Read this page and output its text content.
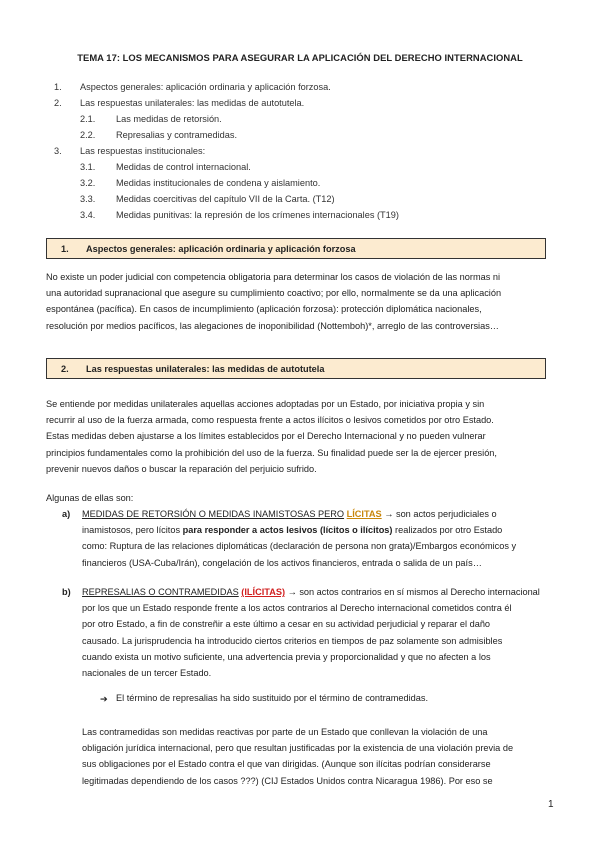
TEMA 17: LOS MECANISMOS PARA ASEGURAR LA APLICACIÓN DEL DERECHO INTERNACIONAL
1. Aspectos generales: aplicación ordinaria y aplicación forzosa.
2. Las respuestas unilaterales: las medidas de autotutela.
2.1. Las medidas de retorsión.
2.2. Represalias y contramedidas.
3. Las respuestas institucionales:
3.1. Medidas de control internacional.
3.2. Medidas institucionales de condena y aislamiento.
3.3. Medidas coercitivas del capítulo VII de la Carta. (T12)
3.4. Medidas punitivas: la represión de los crímenes internacionales (T19)
1. Aspectos generales: aplicación ordinaria y aplicación forzosa
No existe un poder judicial con competencia obligatoria para determinar los casos de violación de las normas ni
una autoridad supranacional que asegure su cumplimiento coactivo; por ello, normalmente se da una aplicación
espontánea (pacífica). En casos de incumplimiento (aplicación forzosa): protección diplomática nacionales,
resolución por medios pacíficos, las alegaciones de inoponibilidad (Nottemboh)*, arreglo de las controversias…
2. Las respuestas unilaterales: las medidas de autotutela
Se entiende por medidas unilaterales aquellas acciones adoptadas por un Estado, por iniciativa propia y sin
recurrir al uso de la fuerza armada, como respuesta frente a actos ilícitos o lesivos cometidos por otro Estado.
Estas medidas deben ajustarse a los límites establecidos por el Derecho Internacional y no pueden vulnerar
principios fundamentales como la prohibición del uso de la fuerza. Su finalidad puede ser la de ejercer presión,
prevenir nuevos daños o buscar la reparación del perjuicio sufrido.
Algunas de ellas son:
a) MEDIDAS DE RETORSIÓN O MEDIDAS INAMISTOSAS PERO LÍCITAS → son actos perjudiciales o
inamistosos, pero lícitos para responder a actos lesivos (lícitos o ilícitos) realizados por otro Estado
como: Ruptura de las relaciones diplomáticas (declaración de persona non grata)/Embargos económicos y
financieros (USA-Cuba/Irán), congelación de los activos financieros, entrada o salida de un país…
b) REPRESALIAS O CONTRAMEDIDAS (ILÍCITAS) → son actos contrarios en sí mismos al Derecho internacional
por los que un Estado responde frente a los actos contrarios al Derecho internacional cometidos contra él
por otro Estado, a fin de constreñir a este último a cesar en su actividad perjudicial y reparar el daño
causado. La jurisprudencia ha introducido ciertos criterios en tiempos de paz solamente son admisibles
cuando exista un motivo suficiente, una advertencia previa y proporcionalidad y que no afecten a los
nacionales de un tercer Estado.
➔ El término de represalias ha sido sustituido por el término de contramedidas.
Las contramedidas son medidas reactivas por parte de un Estado que conllevan la violación de una
obligación jurídica internacional, pero que resultan justificadas por la existencia de una violación previa de
sus obligaciones por el Estado contra el que van dirigidas. (Aunque son ilícitas podrían considerarse
legitimadas dependiendo de los casos ???) (CIJ Estados Unidos contra Nicaragua 1986). Por eso se
1
